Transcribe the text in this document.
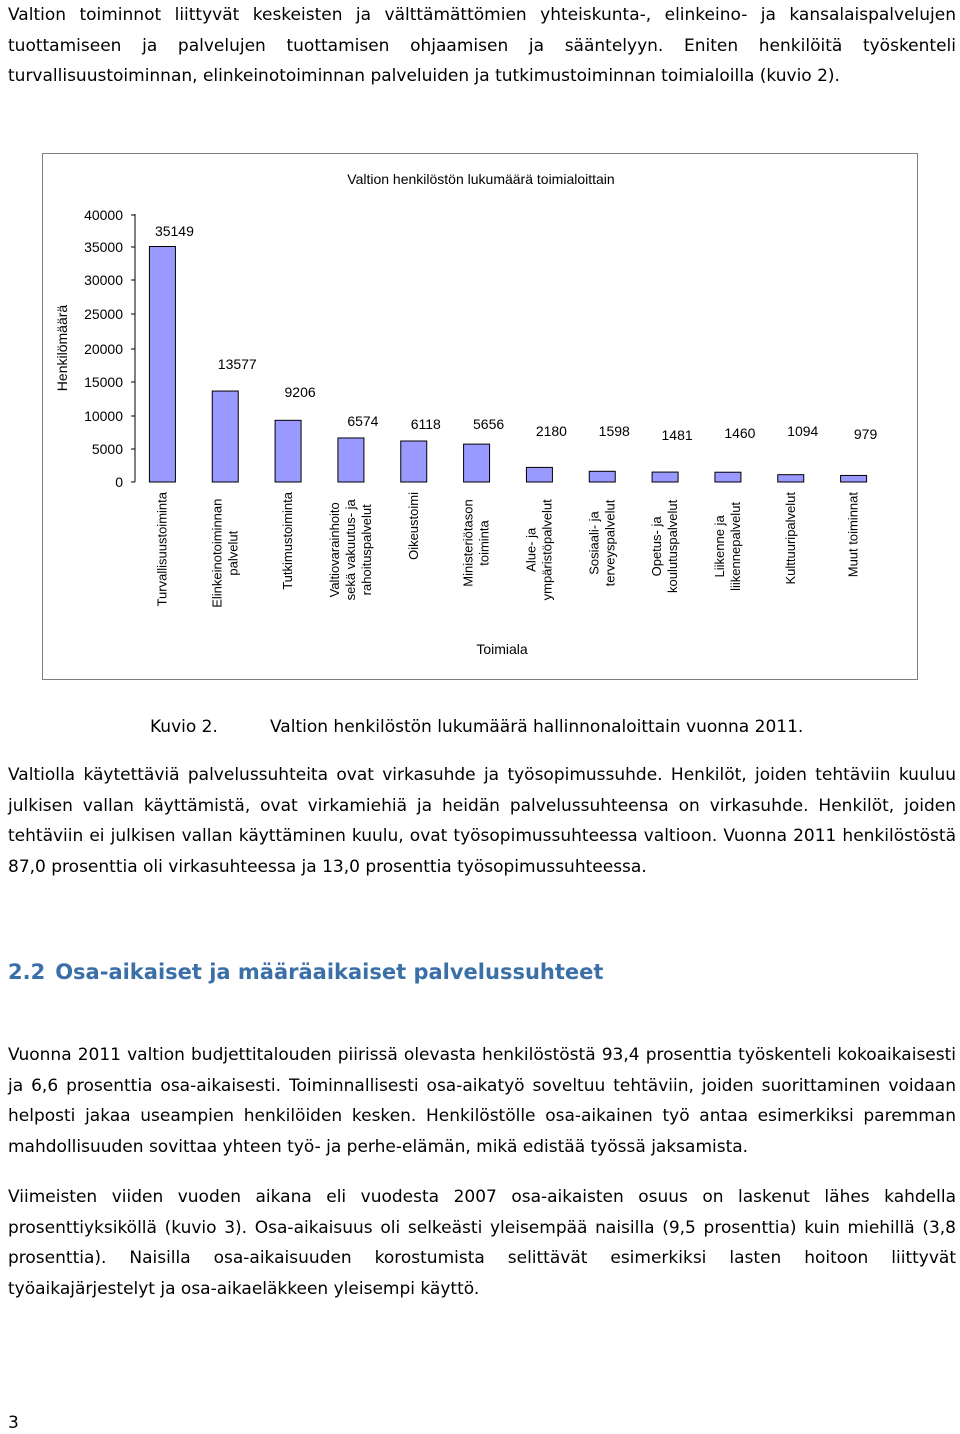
Valtion toiminnot liittyvät keskeisten ja välttämättömien yhteiskunta-, elinkeino- ja kansalaispalvelujen tuottamiseen ja palvelujen tuottamisen ohjaamisen ja sääntelyyn. Eniten henkilöitä työskenteli turvallisuustoiminnan, elinkeinotoiminnan palveluiden ja tutkimustoiminnan toimialoilla (kuvio 2).

Valtion henkilöstön lukumäärä toimialoittain
Toimiala
Henkilömäärä
40000
35000
30000
25000
20000
15000
10000
5000
0
35149
13577
9206
6574 6118 5656 2180 1598 1481 1460 1094	979
Turvallisuustoiminta	Elinkeinotoiminnanpalvelut	Tutkimustoiminta Valtiovarainhoitosekä vakuutus- jarahoituspalvelut Oikeustoimi	Ministeriötasontoiminta Alue- jaympäristöpalvelut Sosiaali- jaterveyspalvelut Opetus- jakoulutuspalvelut Liikenne jaliikennepalvelut	Kulttuuripalvelut	Muut toiminnat
Kuvio 2.	Valtion henkilöstön lukumäärä hallinnonaloittain vuonna 2011.

Valtiolla käytettäviä palvelussuhteita ovat virkasuhde ja työsopimussuhde. Henkilöt, joiden tehtäviin kuuluu julkisen vallan käyttämistä, ovat virkamiehiä ja heidän palvelussuhteensa on virkasuhde. Henkilöt, joiden tehtäviin ei julkisen vallan käyttäminen kuulu, ovat työsopimussuhteessa valtioon. Vuonna 2011 henkilöstöstä 87,0 prosenttia oli virkasuhteessa ja 13,0 prosenttia työsopimussuhteessa.

2.2 Osa-aikaiset ja määräaikaiset palvelussuhteet

Vuonna 2011 valtion budjettitalouden piirissä olevasta henkilöstöstä 93,4 prosenttia työskenteli kokoaikaisesti ja 6,6 prosenttia osa-aikaisesti. Toiminnallisesti osa-aikatyö soveltuu tehtäviin, joiden suorittaminen voidaan helposti jakaa useampien henkilöiden kesken. Henkilöstölle osa-aikainen työ antaa esimerkiksi paremman mahdollisuuden sovittaa yhteen työ- ja perhe-elämän, mikä edistää työssä jaksamista.

Viimeisten viiden vuoden aikana eli vuodesta 2007 osa-aikaisten osuus on laskenut lähes kahdella prosenttiyksiköllä (kuvio 3). Osa-aikaisuus oli selkeästi yleisempää naisilla (9,5 prosenttia) kuin miehillä (3,8 prosenttia). Naisilla osa-aikaisuuden korostumista selittävät esimerkiksi lasten hoitoon liittyvät työaikajärjestelyt ja osa-aikaeläkkeen yleisempi käyttö.

3
